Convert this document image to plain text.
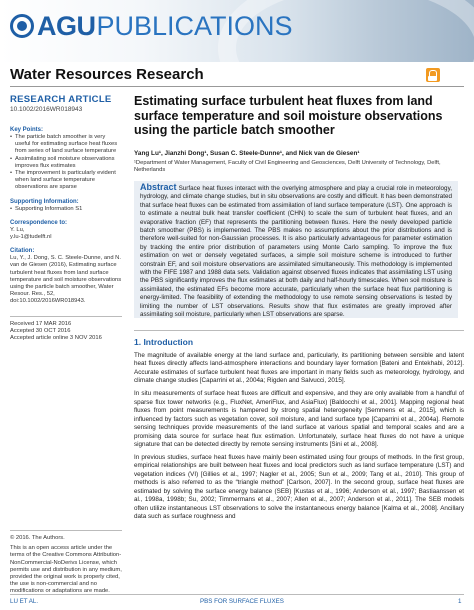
AGU PUBLICATIONS
Water Resources Research
RESEARCH ARTICLE
10.1002/2016WR018943
Key Points:
• The particle batch smoother is very useful for estimating surface heat fluxes from series of land surface temperature
• Assimilating soil moisture observations improves flux estimates
• The improvement is particularly evident when land surface temperature observations are sparse
Supporting Information:
• Supporting Information S1
Correspondence to:
Y. Lu,
y.lu-1@tudelft.nl
Citation:
Lu, Y., J. Dong, S. C. Steele-Dunne, and N. van de Giesen (2016), Estimating surface turbulent heat fluxes from land surface temperature and soil moisture observations using the particle batch smoother, Water Resour. Res., 52, doi:10.1002/2016WR018943.
Received 17 MAR 2016
Accepted 30 OCT 2016
Accepted article online 3 NOV 2016
© 2016. The Authors.
This is an open access article under the terms of the Creative Commons Attribution-NonCommercial-NoDerivs License, which permits use and distribution in any medium, provided the original work is properly cited, the use is non-commercial and no modifications or adaptations are made.
Estimating surface turbulent heat fluxes from land surface temperature and soil moisture observations using the particle batch smoother
Yang Lu¹, Jianzhi Dong¹, Susan C. Steele-Dunne¹, and Nick van de Giesen¹
¹Department of Water Management, Faculty of Civil Engineering and Geosciences, Delft University of Technology, Delft, Netherlands

Abstract Surface heat fluxes interact with the overlying atmosphere and play a crucial role in meteorology, hydrology, and climate change studies, but in situ observations are costly and difficult. It has been demonstrated that surface heat fluxes can be estimated from assimilation of land surface temperature (LST). One approach is to estimate a neutral bulk heat transfer coefficient (CHN) to scale the sum of turbulent heat fluxes, and an evaporative fraction (EF) that represents the partitioning between fluxes. Here the newly developed particle batch smoother (PBS) is implemented. The PBS makes no assumptions about the prior distributions and is therefore well-suited for non-Gaussian processes. It is also particularly advantageous for parameter estimation by tracking the entire prior distribution of parameters using Monte Carlo sampling. To improve the flux estimation on wet or densely vegetated surfaces, a simple soil moisture scheme is introduced to further constrain EF, and soil moisture observations are assimilated simultaneously. This methodology is implemented with the FIFE 1987 and 1988 data sets. Validation against observed fluxes indicates that assimilating LST using the PBS significantly improves the flux estimates at both daily and half-hourly timescales. When soil moisture is assimilated, the estimated EFs become more accurate, particularly when the surface heat flux partitioning is energy-limited. The feasibility of extending the methodology to use remote sensing observations is tested by limiting the number of LST observations. Results show that flux estimates are greatly improved after assimilating soil moisture, particularly when LST observations are sparse.

1. Introduction

The magnitude of available energy at the land surface and, particularly, its partitioning between sensible and latent heat fluxes directly affects land-atmosphere interactions and boundary layer formation [Bateni and Entekhabi, 2012]. Accurate estimates of surface turbulent heat fluxes are important in many fields such as meteorology, hydrology, and climate change studies [Caparrini et al., 2004a; Rigden and Salvucci, 2015].

In situ measurements of surface heat fluxes are difficult and expensive, and they are only available from a handful of sparse flux tower networks (e.g., FluxNet, AmeriFlux, and AsiaFlux) [Baldocchi et al., 2001]. Mapping regional heat fluxes from point measurements is hampered by strong spatial heterogeneity [Semmens et al., 2015], which is influenced by factors such as vegetation cover, soil moisture, and land surface type [Caparrini et al., 2004a]. Remote sensing techniques provide measurements of the land surface at various spatial and temporal scales and are a promising data source for surface heat flux estimation. Unfortunately, surface heat fluxes do not have a unique signature that can be detected directly by remote sensing instruments [Sini et al., 2008].

In previous studies, surface heat fluxes have mainly been estimated using four groups of methods. In the first group, empirical relationships are built between heat fluxes and local predictors such as land surface temperature (LST) and vegetation indices (VI) [Gillies et al., 1997; Nagler et al., 2005; Sun et al., 2009; Tang et al., 2010]. This group of methods is also referred to as the “triangle method” [Carlson, 2007]. In the second group, surface heat fluxes are estimated by solving the surface energy balance (SEB) [Kustas et al., 1996; Anderson et al., 1997; Bastiaanssen et al., 1998a, 1998b; Su, 2002; Timmermans et al., 2007; Allen et al., 2007; Anderson et al., 2011]. The SEB models often utilize instantaneous LST observations to solve the instantaneous energy balance [Kalma et al., 2008]. Ancillary data such as surface roughness and

LU ET AL.	PBS FOR SURFACE FLUXES	1
